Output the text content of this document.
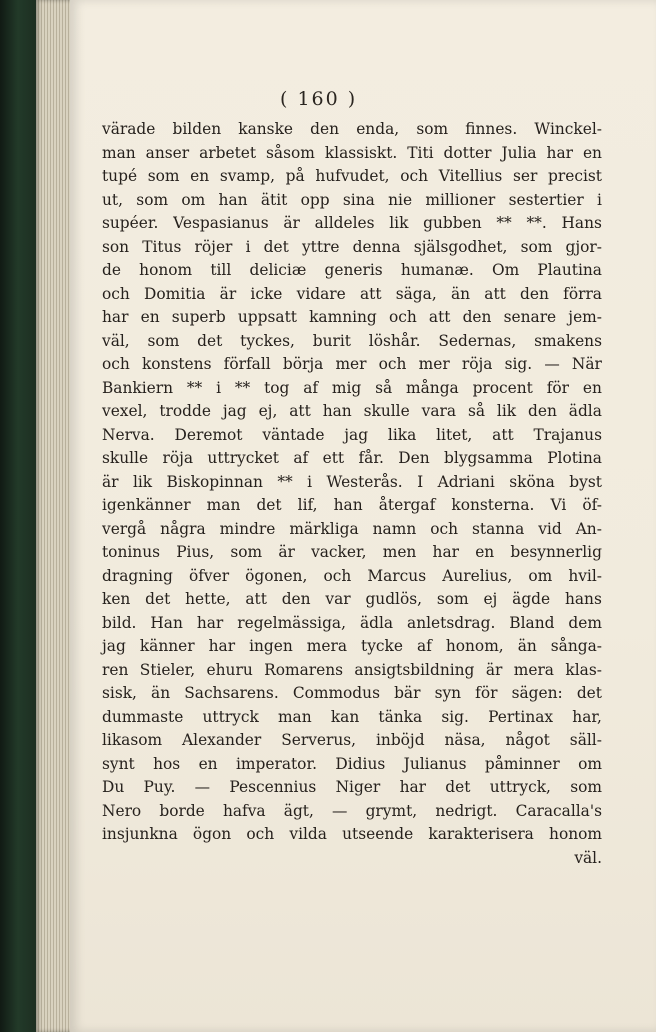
( 160 )
värade bilden kanske den enda, som finnes. Winckel-
man anser arbetet såsom klassiskt. Titi dotter Julia har en
tupé som en svamp, på hufvudet, och Vitellius ser precist
ut, som om han ätit opp sina nie millioner sestertier i
supéer. Vespasianus är alldeles lik gubben ** **. Hans
son Titus röjer i det yttre denna själsgodhet, som gjor-
de honom till deliciæ generis humanæ. Om Plautina
och Domitia är icke vidare att säga, än att den förra
har en superb uppsatt kamning och att den senare jem-
väl, som det tyckes, burit löshår. Sedernas, smakens
och konstens förfall börja mer och mer röja sig. — När
Bankiern ** i ** tog af mig så många procent för en
vexel, trodde jag ej, att han skulle vara så lik den ädla
Nerva. Deremot väntade jag lika litet, att Trajanus
skulle röja uttrycket af ett får. Den blygsamma Plotina
är lik Biskopinnan ** i Westerås. I Adriani sköna byst
igenkänner man det lif, han återgaf konsterna. Vi öf-
vergå några mindre märkliga namn och stanna vid An-
toninus Pius, som är vacker, men har en besynnerlig
dragning öfver ögonen, och Marcus Aurelius, om hvil-
ken det hette, att den var gudlös, som ej ägde hans
bild. Han har regelmässiga, ädla anletsdrag. Bland dem
jag känner har ingen mera tycke af honom, än sånga-
ren Stieler, ehuru Romarens ansigtsbildning är mera klas-
sisk, än Sachsarens. Commodus bär syn för sägen: det
dummaste uttryck man kan tänka sig. Pertinax har,
likasom Alexander Serverus, inböjd näsa, något säll-
synt hos en imperator. Didius Julianus påminner om
Du Puy. — Pescennius Niger har det uttryck, som
Nero borde hafva ägt, — grymt, nedrigt. Caracalla's
insjunkna ögon och vilda utseende karakterisera honom
väl.
